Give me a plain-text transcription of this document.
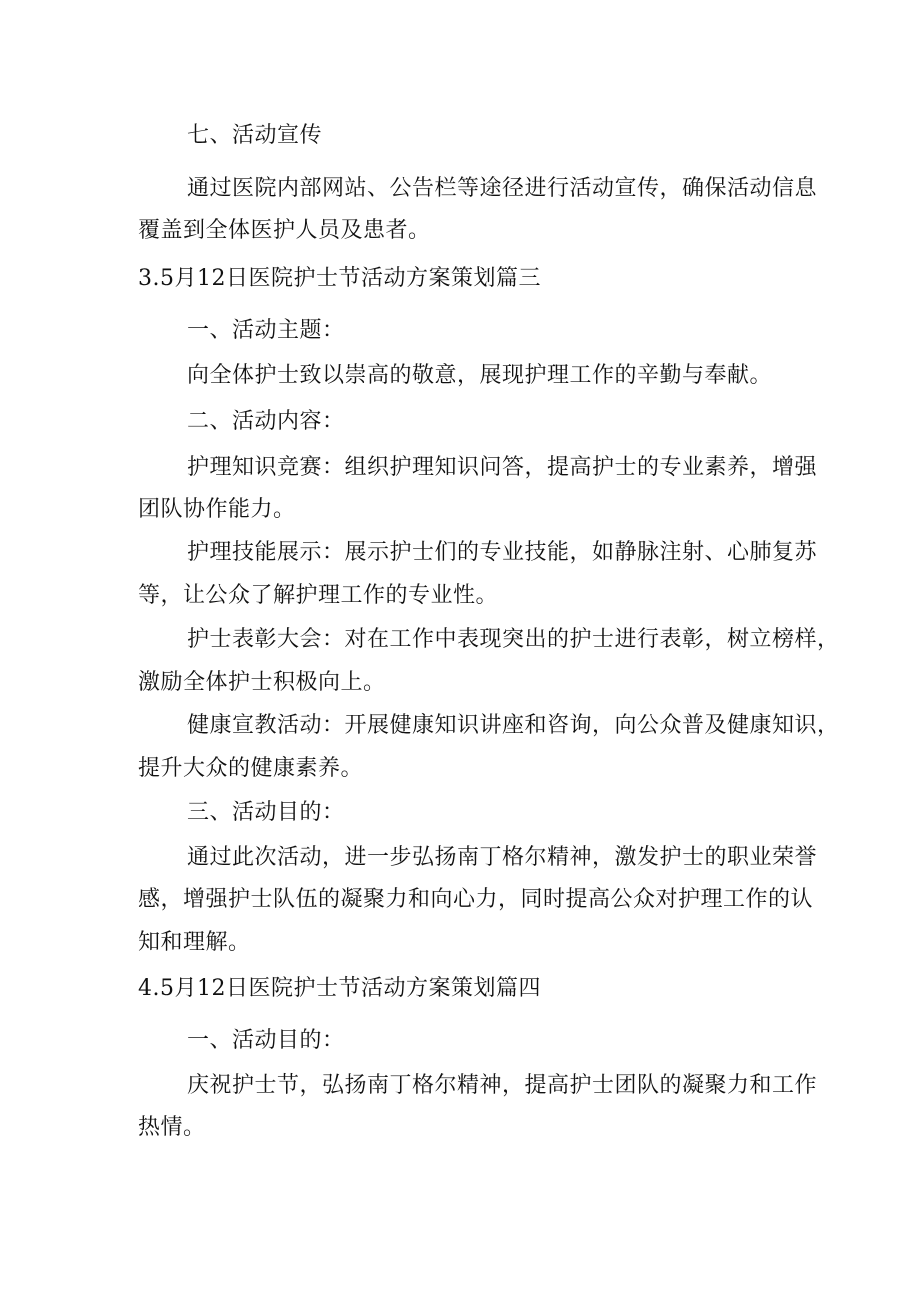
七、活动宣传
通过医院内部网站、公告栏等途径进行活动宣传，确保活动信息
覆盖到全体医护人员及患者。
3.5月12日医院护士节活动方案策划篇三
一、活动主题：
向全体护士致以崇高的敬意，展现护理工作的辛勤与奉献。
二、活动内容：
护理知识竞赛：组织护理知识问答，提高护士的专业素养，增强
团队协作能力。
护理技能展示：展示护士们的专业技能，如静脉注射、心肺复苏
等，让公众了解护理工作的专业性。
护士表彰大会：对在工作中表现突出的护士进行表彰，树立榜样，
激励全体护士积极向上。
健康宣教活动：开展健康知识讲座和咨询，向公众普及健康知识，
提升大众的健康素养。
三、活动目的：
通过此次活动，进一步弘扬南丁格尔精神，激发护士的职业荣誉
感，增强护士队伍的凝聚力和向心力，同时提高公众对护理工作的认
知和理解。
4.5月12日医院护士节活动方案策划篇四
一、活动目的：
庆祝护士节，弘扬南丁格尔精神，提高护士团队的凝聚力和工作
热情。
